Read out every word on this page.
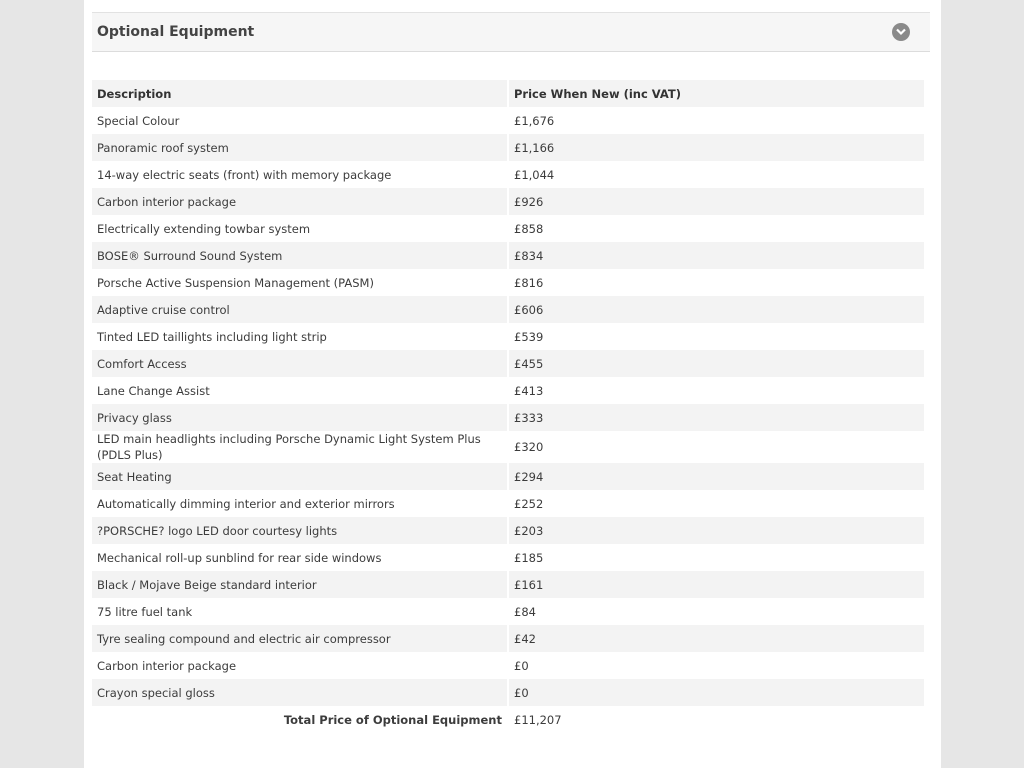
Optional Equipment
Description	Price When New (inc VAT)
Special Colour	£1,676
Panoramic roof system	£1,166
14-way electric seats (front) with memory package	£1,044
Carbon interior package	£926
Electrically extending towbar system	£858
BOSE® Surround Sound System	£834
Porsche Active Suspension Management (PASM)	£816
Adaptive cruise control	£606
Tinted LED taillights including light strip	£539
Comfort Access	£455
Lane Change Assist	£413
Privacy glass	£333
LED main headlights including Porsche Dynamic Light System Plus (PDLS Plus)	£320
Seat Heating	£294
Automatically dimming interior and exterior mirrors	£252
?PORSCHE? logo LED door courtesy lights	£203
Mechanical roll-up sunblind for rear side windows	£185
Black / Mojave Beige standard interior	£161
75 litre fuel tank	£84
Tyre sealing compound and electric air compressor	£42
Carbon interior package	£0
Crayon special gloss	£0
Total Price of Optional Equipment	£11,207
